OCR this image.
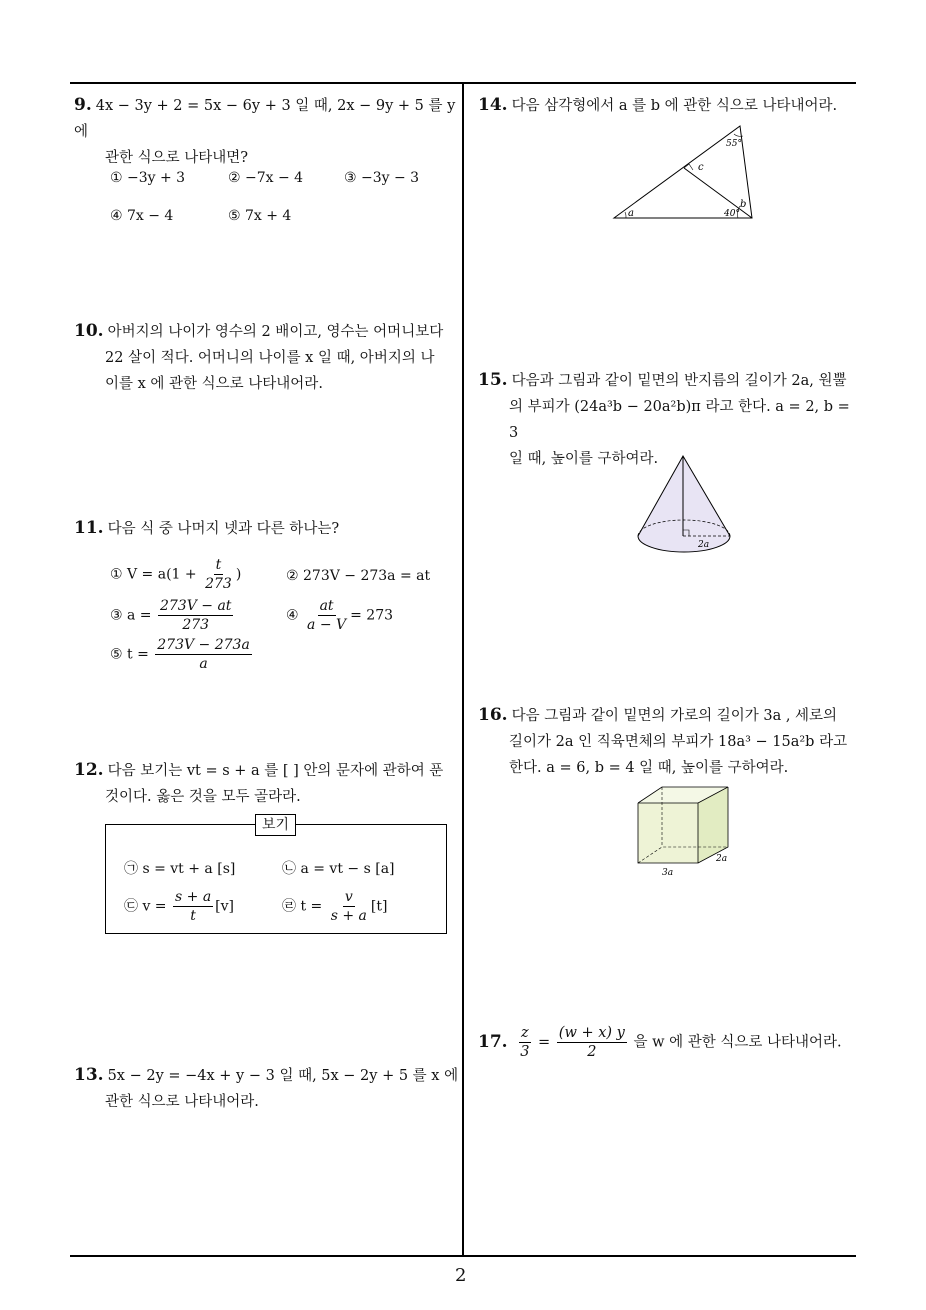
2
9. 4x − 3y + 2 = 5x − 6y + 3 일 때, 2x − 9y + 5 를 y 에
관한 식으로 나타내면?
① −3y + 3	② −7x − 4	③ −3y − 3
④ 7x − 4	⑤ 7x + 4
10. 아버지의 나이가 영수의 2 배이고, 영수는 어머니보다
22 살이 적다. 어머니의 나이를 x 일 때, 아버지의 나
이를 x 에 관한 식으로 나타내어라.
11. 다음 식 중 나머지 넷과 다른 하나는?
① $V = a(1 + \frac{t}{273}$ )	② 273V − 273a = at
③ $a = \frac{273V - at}{273}$	④ $\frac{at}{a - V} = 273$
⑤ $t = \frac{273V - 273a}{a}$
12. 다음 보기는 vt = s + a 를 [ ] 안의 문자에 관하여 푼
것이다. 옳은 것을 모두 골라라.
보기
㉠ s = vt + a [s]	㉡ a = vt − s [a]
㉢ $v = \frac{s + a}{t} [v]$	㉣ $t = \frac{v}{s + a} [t]$
13. 5x − 2y = −4x + y − 3 일 때, 5x − 2y + 5 를 x 에
관한 식으로 나타내어라.
14. 다음 삼각형에서 a 를 b 에 관한 식으로 나타내어라.
55°
c
a
b
40°
15. 다음과 그림과 같이 밑면의 반지름의 길이가 2a, 원뿔
의 부피가 (24a³b − 20a²b)π 라고 한다. a = 2, b = 3
일 때, 높이를 구하여라.
2a
16. 다음 그림과 같이 밑면의 가로의 길이가 3a , 세로의
길이가 2a 인 직육면체의 부피가 18a³ − 15a²b 라고
한다. a = 6, b = 4 일 때, 높이를 구하여라.
3a
2a
17. $\frac{z}{3} = \frac{(w + x) y}{2}$ 을 w 에 관한 식으로 나타내어라.
